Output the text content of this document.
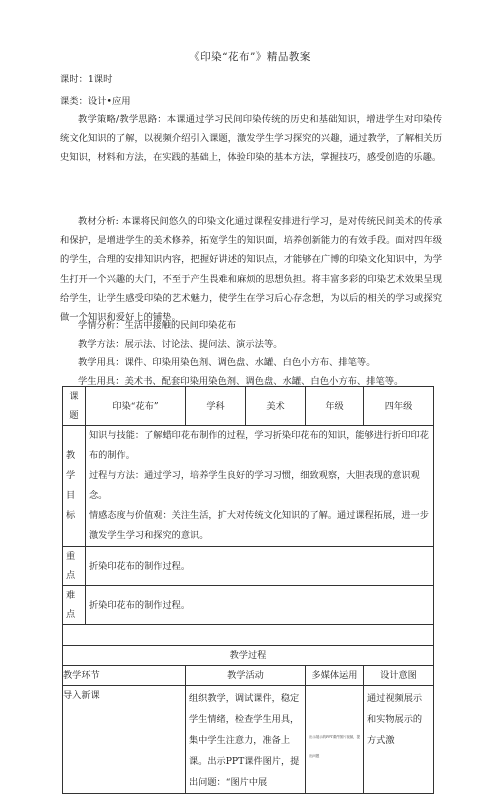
《印染“花布”》精品教案
课时：1课时
课类：设计•应用
教学策略/教学思路：本课通过学习民间印染传统的历史和基础知识，增进学生对印染传统文化知识的了解，以视频介绍引入课题，激发学生学习探究的兴趣，通过教学，了解相关历史知识，材料和方法，在实践的基础上，体验印染的基本方法，掌握技巧，感受创造的乐趣。
教材分析: 本课将民间悠久的印染文化通过课程安排进行学习，是对传统民间美术的传承和保护，是增进学生的美术修养，拓宽学生的知识面，培养创新能力的有效手段。面对四年级的学生，合理的安排知识内容，把握好讲述的知识点，才能够在广博的印染文化知识中，为学生打开一个兴趣的大门，不至于产生畏难和麻烦的思想负担。将丰富多彩的印染艺术效果呈现给学生，让学生感受印染的艺术魅力，使学生在学习后心存念想，为以后的相关的学习或探究做一个知识和爱好上的铺垫。
学情分析：生活中接触的民间印染花布
教学方法：展示法、讨论法、提问法、演示法等。
教学用具：课件、印染用染色剂、调色盘、水罐、白色小方布、排笔等。
学生用具：美术书、配套印染用染色剂、调色盘、水罐、白色小方布、排笔等。
课题	印染“花布”	学科	美术	年级	四年级
教学目标	知识与技能：了解蜡印花布制作的过程，学习折染印花布的知识，能够进行折印印花布的制作。

过程与方法：通过学习，培养学生良好的学习习惯，细致观察，大胆表现的意识观念。

情感态度与价值观：关注生活，扩大对传统文化知识的了解。通过课程拓展，进一步激发学生学习和探究的意识。				

重点	折染印花布的制作过程。				
难点	折染印花布的制作过程。				

教学过程					
教学环节		教学活动		多媒体运用	设计意图
导入新课		组织教学，调试课件，稳定学生情绪，检查学生用具，集中学生注意力，准备上课。出示PPT课件图片，提出问题：“图片中展		出示展示的PPT课件图片视频，提出问题	通过视频展示和实物展示的方式激
